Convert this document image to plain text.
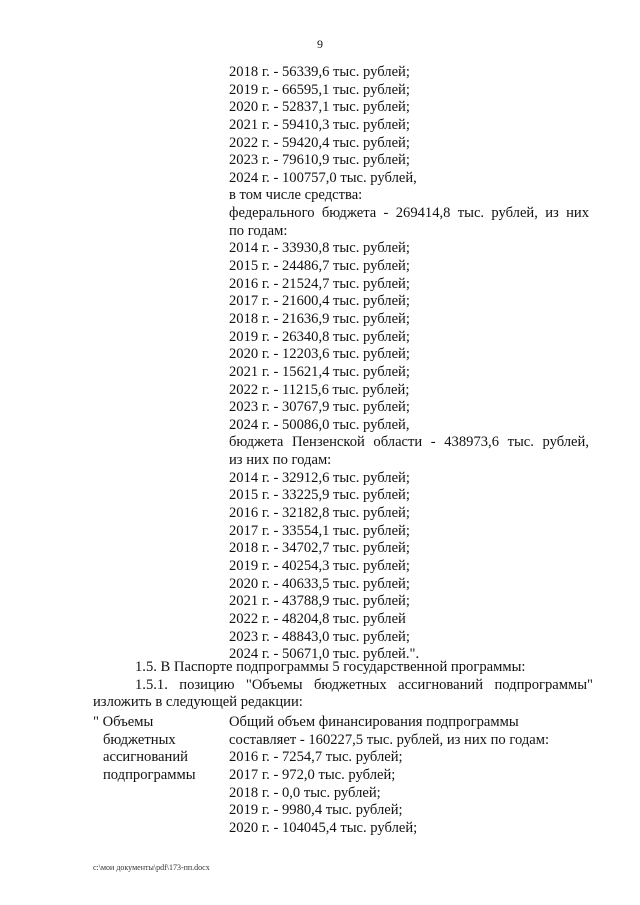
9
2018 г. - 56339,6 тыс. рублей;
2019 г. - 66595,1 тыс. рублей;
2020 г. - 52837,1 тыс. рублей;
2021 г. - 59410,3 тыс. рублей;
2022 г. - 59420,4 тыс. рублей;
2023 г. - 79610,9 тыс. рублей;
2024 г. - 100757,0 тыс. рублей,
в том числе средства:
федерального бюджета - 269414,8 тыс. рублей, из них
по годам:
2014 г. - 33930,8 тыс. рублей;
2015 г. - 24486,7 тыс. рублей;
2016 г. - 21524,7 тыс. рублей;
2017 г. - 21600,4 тыс. рублей;
2018 г. - 21636,9 тыс. рублей;
2019 г. - 26340,8 тыс. рублей;
2020 г. - 12203,6 тыс. рублей;
2021 г. - 15621,4 тыс. рублей;
2022 г. - 11215,6 тыс. рублей;
2023 г. - 30767,9 тыс. рублей;
2024 г. - 50086,0 тыс. рублей,
бюджета Пензенской области - 438973,6 тыс. рублей,
из них по годам:
2014 г. - 32912,6 тыс. рублей;
2015 г. - 33225,9 тыс. рублей;
2016 г. - 32182,8 тыс. рублей;
2017 г. - 33554,1 тыс. рублей;
2018 г. - 34702,7 тыс. рублей;
2019 г. - 40254,3 тыс. рублей;
2020 г. - 40633,5 тыс. рублей;
2021 г. - 43788,9 тыс. рублей;
2022 г. - 48204,8 тыс. рублей
2023 г. - 48843,0 тыс. рублей;
2024 г. - 50671,0 тыс. рублей.".
1.5. В Паспорте подпрограммы 5 государственной программы:
1.5.1. позицию "Объемы бюджетных ассигнований подпрограммы"
изложить в следующей редакции:
" Объемы
бюджетных
ассигнований
подпрограммы
Общий объем финансирования подпрограммы
составляет - 160227,5 тыс. рублей, из них по годам:
2016 г. - 7254,7 тыс. рублей;
2017 г. - 972,0 тыс. рублей;
2018 г. - 0,0 тыс. рублей;
2019 г. - 9980,4 тыс. рублей;
2020 г. - 104045,4 тыс. рублей;
c:\мои документы\pdf\173-пп.docx
